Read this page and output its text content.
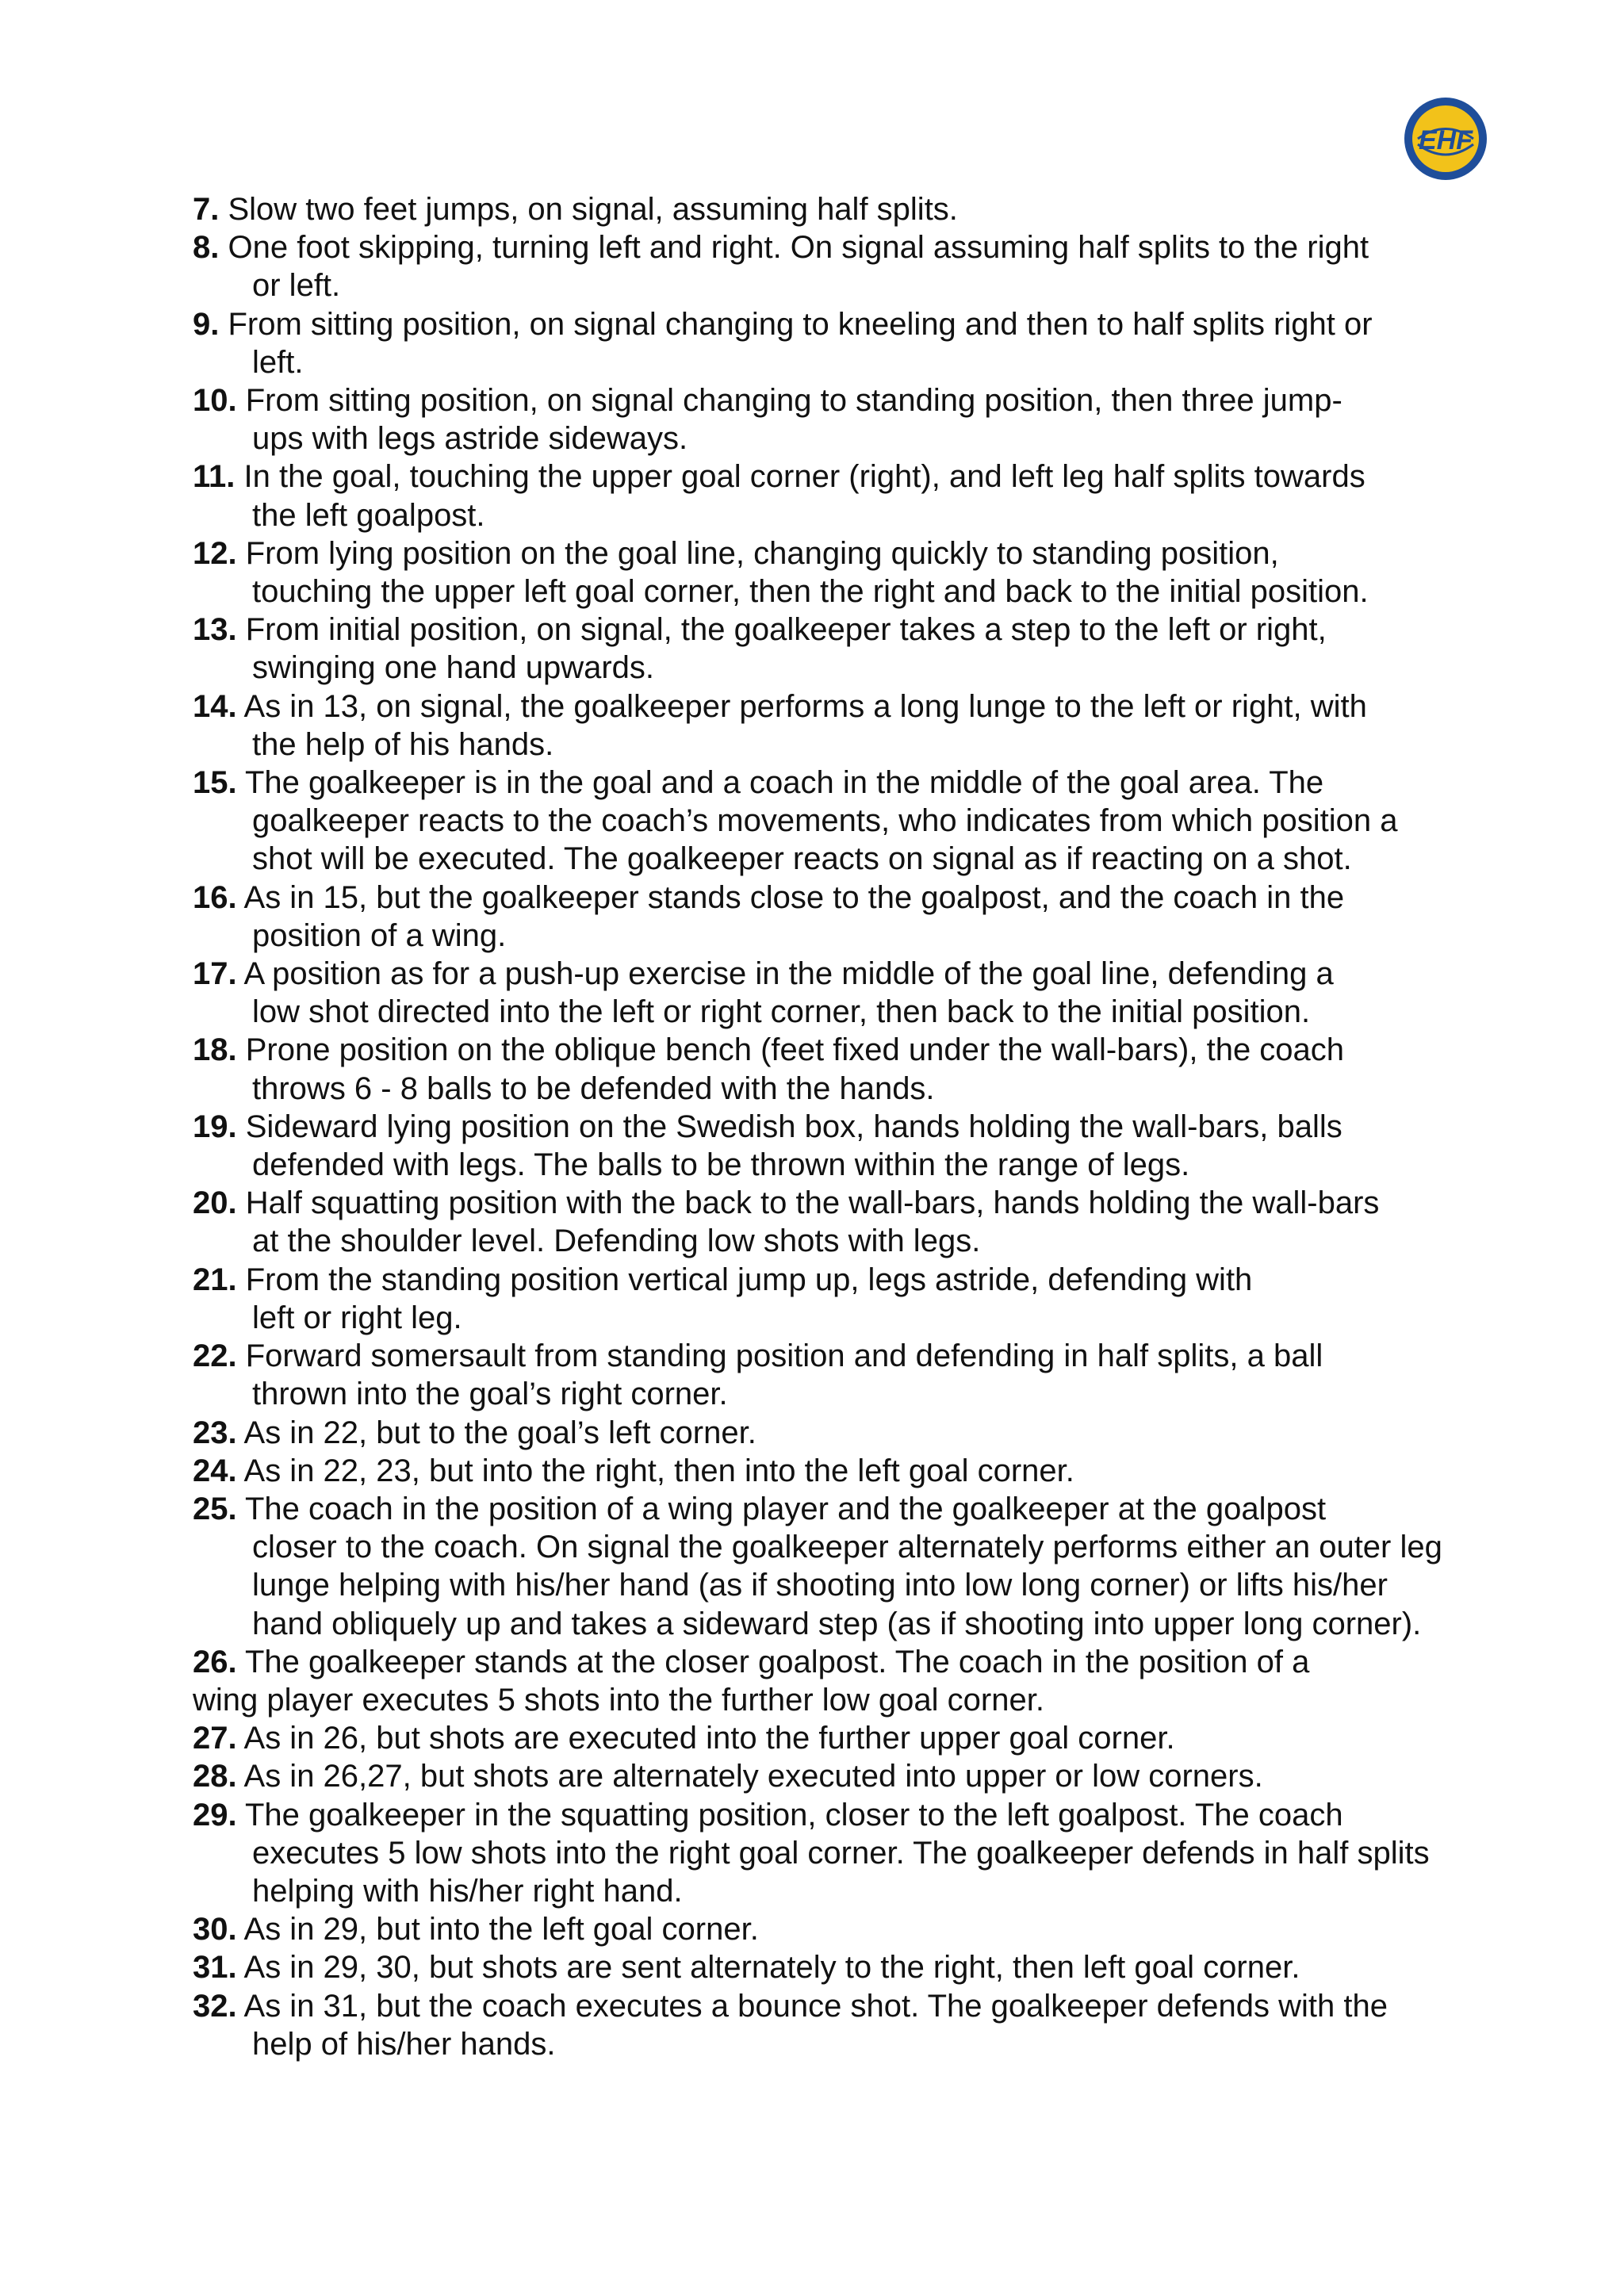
EHF
7. Slow two feet jumps, on signal, assuming half splits.
8. One foot skipping, turning left and right. On signal assuming half splits to the right
or left.
9. From sitting position, on signal changing to kneeling and then to half splits right or
left.
10. From sitting position, on signal changing to standing position, then three jump-
ups with legs astride sideways.
11. In the goal, touching the upper goal corner (right), and left leg half splits towards
the left goalpost.
12. From lying position on the goal line, changing quickly to standing position,
touching the upper left goal corner, then the right and back to the initial position.
13. From initial position, on signal, the goalkeeper takes a step to the left or right,
swinging one hand upwards.
14. As in 13, on signal, the goalkeeper performs a long lunge to the left or right, with
the help of his hands.
15. The goalkeeper is in the goal and a coach in the middle of the goal area. The
goalkeeper reacts to the coach’s movements, who indicates from which position a shot will be executed. The goalkeeper reacts on signal as if reacting on a shot.
16. As in 15, but the goalkeeper stands close to the goalpost, and the coach in the
position of a wing.
17. A position as for a push-up exercise in the middle of the goal line, defending a
low shot directed into the left or right corner, then back to the initial position.
18. Prone position on the oblique bench (feet fixed under the wall-bars), the coach
throws 6 - 8 balls to be defended with the hands.
19. Sideward lying position on the Swedish box, hands holding the wall-bars, balls
defended with legs. The balls to be thrown within the range of legs.
20. Half squatting position with the back to the wall-bars, hands holding the wall-bars
at the shoulder level. Defending low shots with legs.
21. From the standing position vertical jump up, legs astride, defending with
left or right leg.
22. Forward somersault from standing position and defending in half splits, a ball
thrown into the goal’s right corner.
23. As in 22, but to the goal’s left corner.
24. As in 22, 23, but into the right, then into the left goal corner.
25. The coach in the position of a wing player and the goalkeeper at the goalpost
closer to the coach. On signal the goalkeeper alternately performs either an outer leg lunge helping with his/her hand (as if shooting into low long corner) or lifts his/her hand obliquely up and takes a sideward step (as if shooting into upper long corner).
26. The goalkeeper stands at the closer goalpost. The coach in the position of a
wing player executes 5 shots into the further low goal corner.
27. As in 26, but shots are executed into the further upper goal corner.
28. As in 26,27, but shots are alternately executed into upper or low corners.
29. The goalkeeper in the squatting position, closer to the left goalpost. The coach
executes 5 low shots into the right goal corner. The goalkeeper defends in half splits helping with his/her right hand.
30. As in 29, but into the left goal corner.
31. As in 29, 30, but shots are sent alternately to the right, then left goal corner.
32. As in 31, but the coach executes a bounce shot. The goalkeeper defends with the
help of his/her hands.
